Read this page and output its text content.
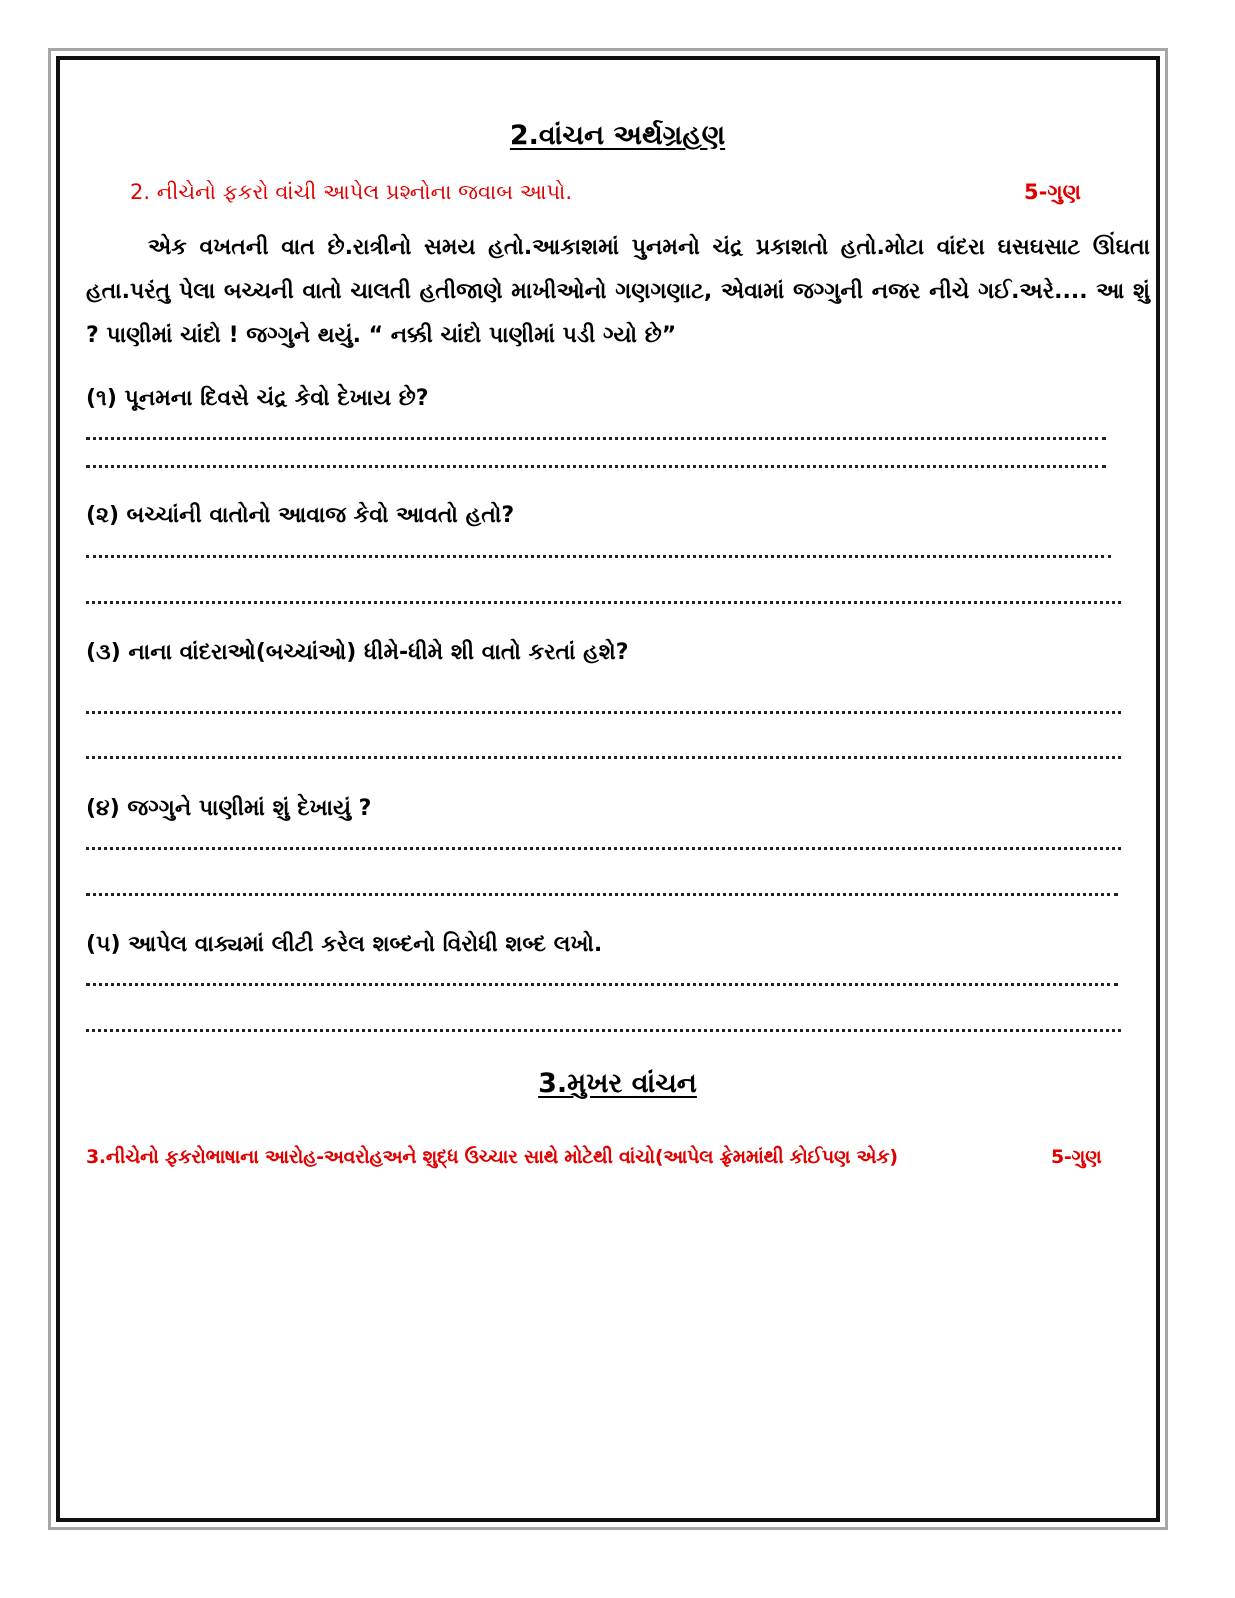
2.વાંચન અર્થગ્રહણ
2. નીચેનો ફકરો વાંચી આપેલ પ્રશ્નોના જવાબ આપો.	5-ગુણ
એક વખતની વાત છે.રાત્રીનો સમય હતો.આકાશમાં પુનમનો ચંદ્ર પ્રકાશતો હતો.મોટા વાંદરા ઘસઘસાટ ઊંઘતા હતા.પરંતુ પેલા બચ્ચની વાતો ચાલતી હતીજાણે માખીઓનો ગણગણાટ, એવામાં જગ્ગુની નજર નીચે ગઈ.અરે.... આ શું ? પાણીમાં ચાંદો ! જગ્ગુને થયું. “ નક્કી ચાંદો પાણીમાં પડી ગ્યો છે”
(૧) પૂનમના દિવસે ચંદ્ર કેવો દેખાય છે?
(૨) બચ્ચાંની વાતોનો આવાજ કેવો આવતો હતો?
(૩) નાના વાંદરાઓ(બચ્ચાંઓ) ધીમે-ધીમે શી વાતો કરતાં હશે?
(૪) જગ્ગુને પાણીમાં શું દેખાયું ?
(૫) આપેલ વાક્યમાં લીટી કરેલ શબ્દનો વિરોધી શબ્દ લખો.
3.મુખર વાંચન
3.નીચેનો ફકરોભાષાના આરોહ-અવરોહઅને શુદ્ધ ઉચ્ચાર સાથે મોટેથી વાંચો(આપેલ ફ્રેમમાંથી કોઈપણ એક)	5-ગુણ
